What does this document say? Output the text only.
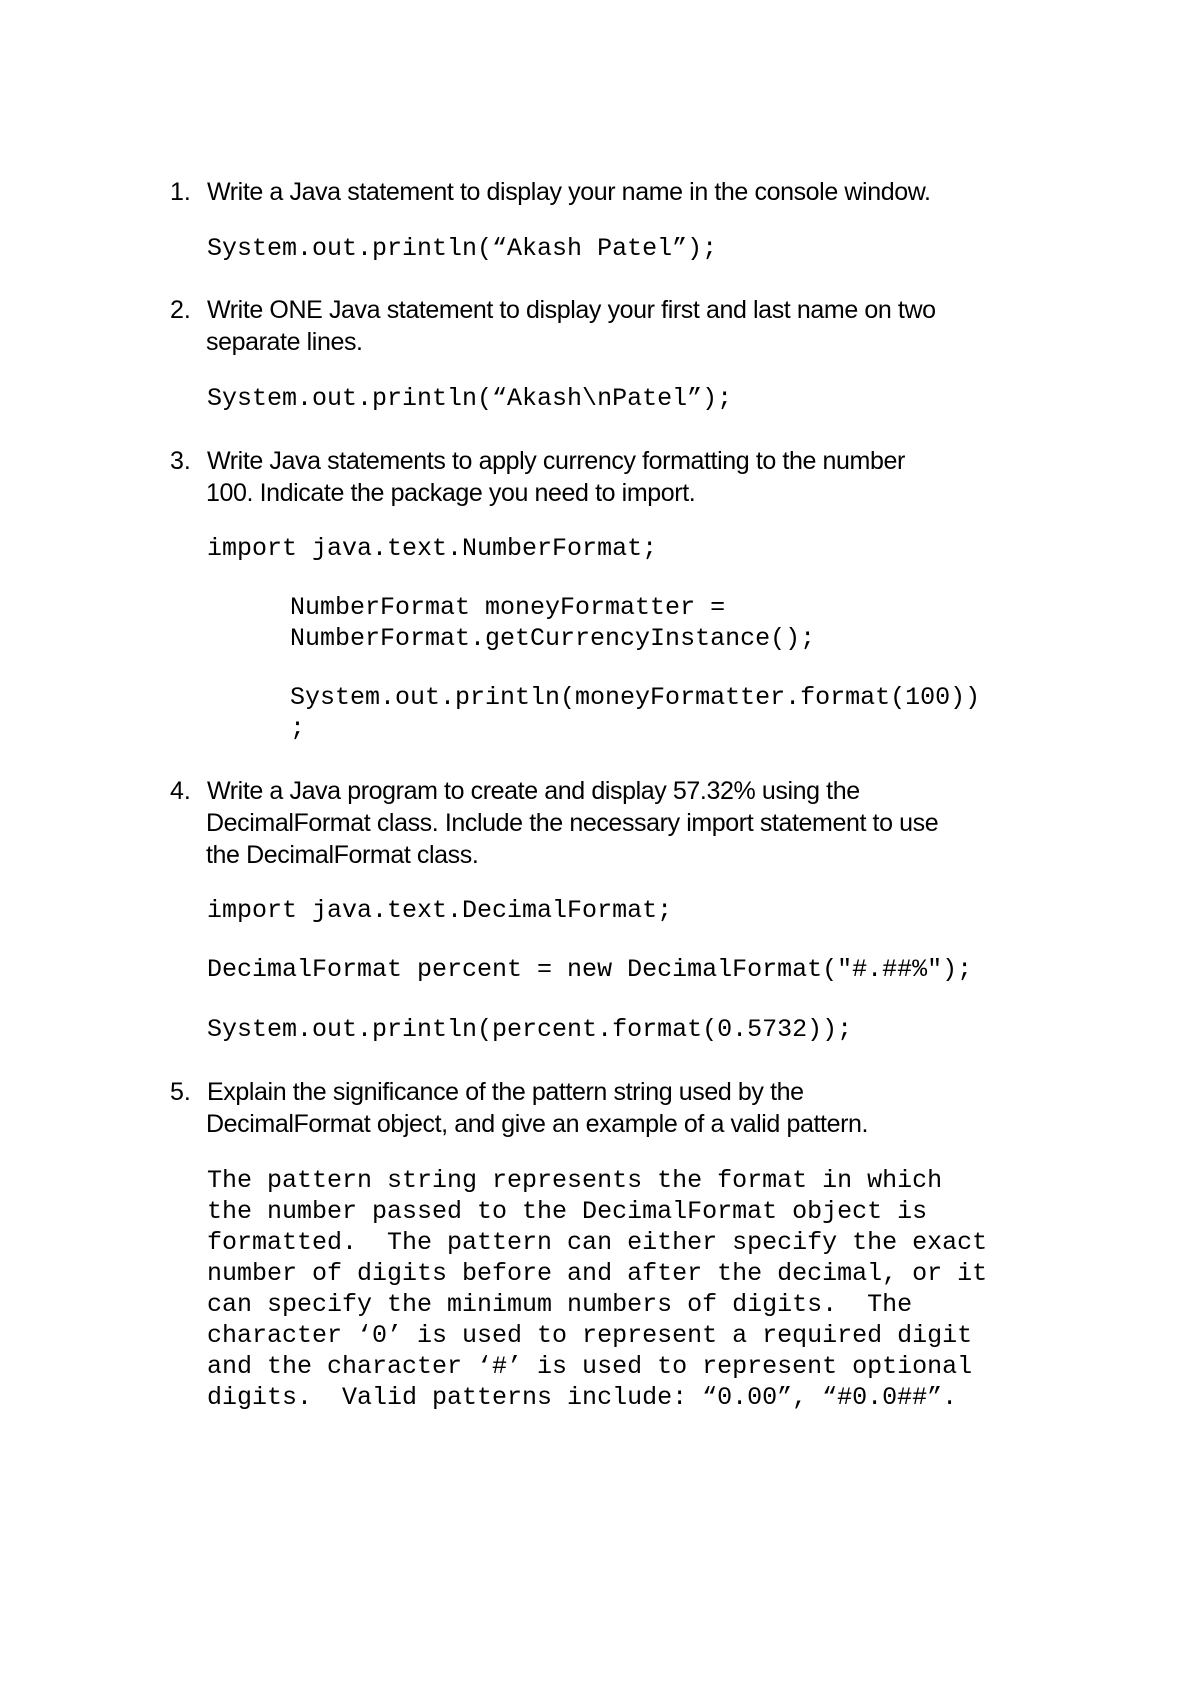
1. Write a Java statement to display your name in the console window.
System.out.println(“Akash Patel”);
2. Write ONE Java statement to display your first and last name on two
separate lines.
System.out.println(“Akash\nPatel”);
3. Write Java statements to apply currency formatting to the number
100. Indicate the package you need to import.
import java.text.NumberFormat;
NumberFormat moneyFormatter =
NumberFormat.getCurrencyInstance();
System.out.println(moneyFormatter.format(100))
;
4. Write a Java program to create and display 57.32% using the
DecimalFormat class. Include the necessary import statement to use
the DecimalFormat class.
import java.text.DecimalFormat;
DecimalFormat percent = new DecimalFormat("#.##%");
System.out.println(percent.format(0.5732));
5. Explain the significance of the pattern string used by the
DecimalFormat object, and give an example of a valid pattern.
The pattern string represents the format in which
the number passed to the DecimalFormat object is
formatted.  The pattern can either specify the exact
number of digits before and after the decimal, or it
can specify the minimum numbers of digits.  The
character ‘0’ is used to represent a required digit
and the character ‘#’ is used to represent optional
digits.  Valid patterns include: “0.00”, “#0.0##”.
